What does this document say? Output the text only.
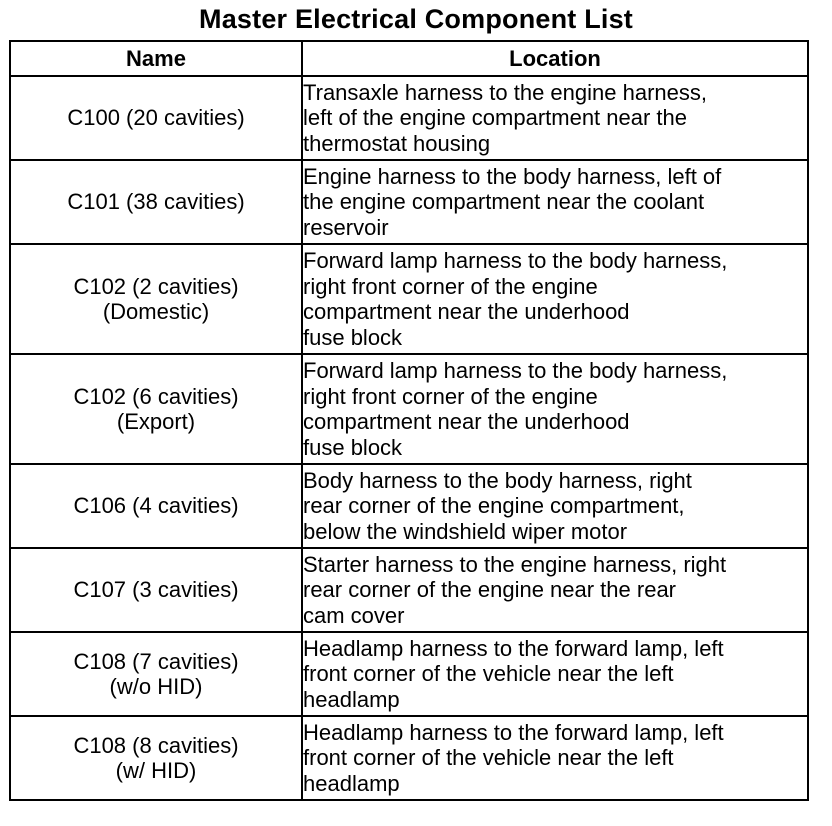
Master Electrical Component List
Name	Location

C100 (20 cavities)	Transaxle harness to the engine harness,
left of the engine compartment near the
thermostat housing

C101 (38 cavities)	Engine harness to the body harness, left of
the engine compartment near the coolant
reservoir

C102 (2 cavities)
(Domestic)	Forward lamp harness to the body harness,
right front corner of the engine
compartment near the underhood
fuse block

C102 (6 cavities)
(Export)	Forward lamp harness to the body harness,
right front corner of the engine
compartment near the underhood
fuse block

C106 (4 cavities)	Body harness to the body harness, right
rear corner of the engine compartment,
below the windshield wiper motor

C107 (3 cavities)	Starter harness to the engine harness, right
rear corner of the engine near the rear
cam cover

C108 (7 cavities)
(w/o HID)	Headlamp harness to the forward lamp, left
front corner of the vehicle near the left
headlamp

C108 (8 cavities)
(w/ HID)	Headlamp harness to the forward lamp, left
front corner of the vehicle near the left
headlamp
